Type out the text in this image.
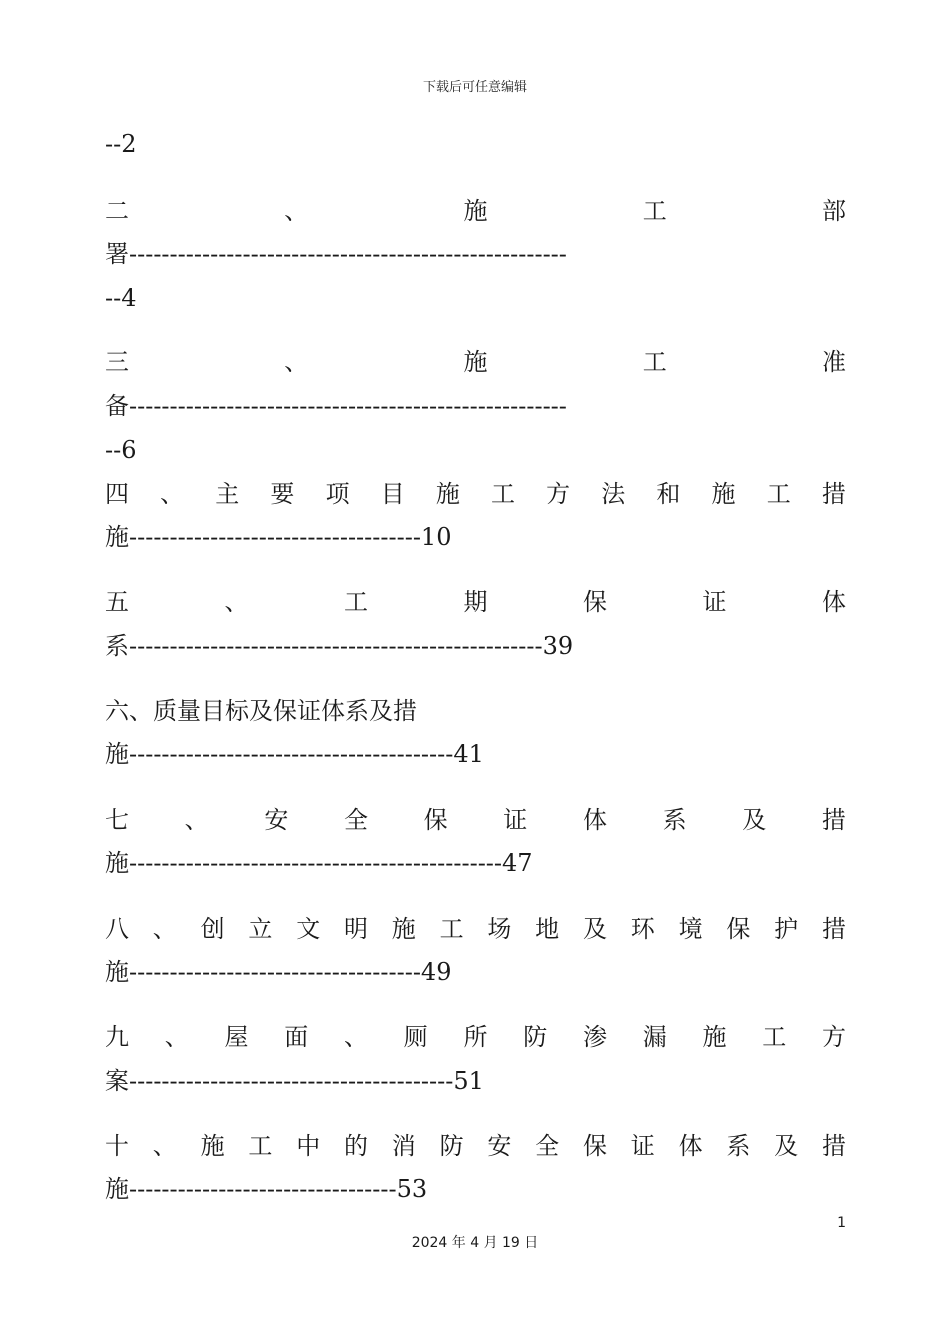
下载后可任意编辑
--2
二	、	施	工	部
署------------------------------------------------------
--4
三	、	施	工	准
备------------------------------------------------------
--6
四 、 主 要 项 目 施 工 方 法 和 施 工 措
施------------------------------------10
五	、	工	期	保	证	体
系---------------------------------------------------39
六、质量目标及保证体系及措
施----------------------------------------41
七 、 安 全 保 证 体 系 及 措
施----------------------------------------------47
八 、 创 立 文 明 施 工 场 地 及 环 境 保 护 措
施------------------------------------49
九 、 屋 面 、 厕 所 防 渗 漏 施 工 方
案----------------------------------------51
十 、 施 工 中 的 消 防 安 全 保 证 体 系 及 措
施---------------------------------53
1
2024 年 4 月 19 日
